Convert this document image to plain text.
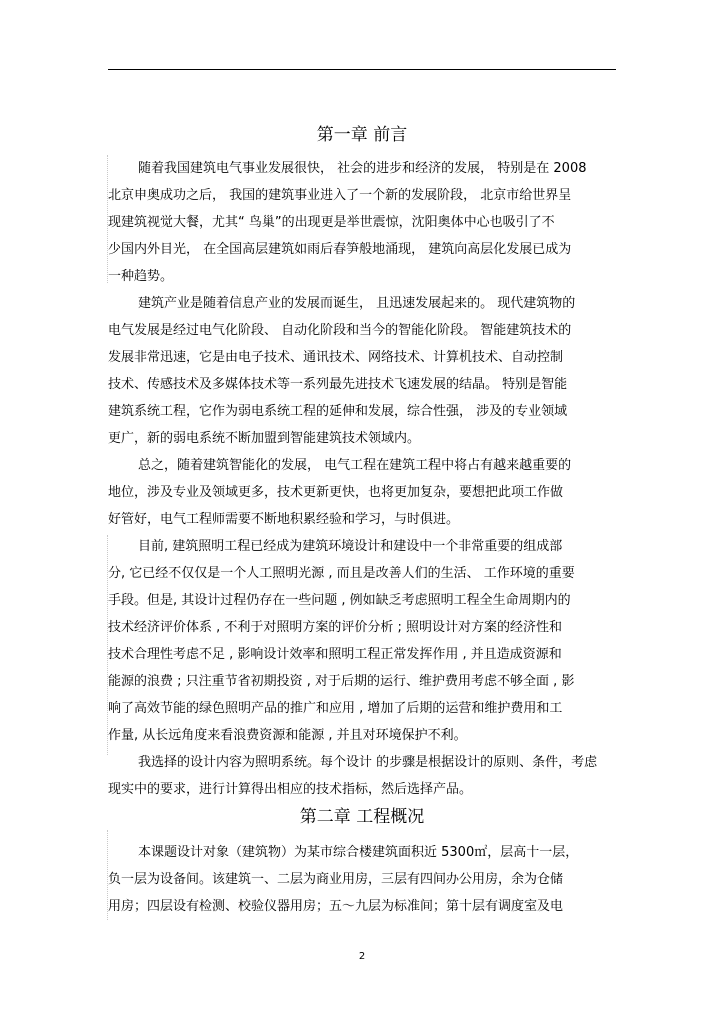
第一章 前言
随着我国建筑电气事业发展很快， 社会的进步和经济的发展， 特别是在 2008
北京申奥成功之后， 我国的建筑事业进入了一个新的发展阶段， 北京市给世界呈
现建筑视觉大餐，尤其“ 鸟巢”的出现更是举世震惊，沈阳奥体中心也吸引了不
少国内外目光， 在全国高层建筑如雨后春笋般地涌现， 建筑向高层化发展已成为
一种趋势。
建筑产业是随着信息产业的发展而诞生， 且迅速发展起来的。 现代建筑物的
电气发展是经过电气化阶段、 自动化阶段和当今的智能化阶段。 智能建筑技术的
发展非常迅速，它是由电子技术、通讯技术、网络技术、计算机技术、自动控制
技术、传感技术及多媒体技术等一系列最先进技术飞速发展的结晶。 特别是智能
建筑系统工程，它作为弱电系统工程的延伸和发展，综合性强， 涉及的专业领域
更广，新的弱电系统不断加盟到智能建筑技术领域内。
总之，随着建筑智能化的发展， 电气工程在建筑工程中将占有越来越重要的
地位，涉及专业及领域更多，技术更新更快，也将更加复杂，要想把此项工作做
好管好，电气工程师需要不断地积累经验和学习，与时俱进。
目前, 建筑照明工程已经成为建筑环境设计和建设中一个非常重要的组成部
分, 它已经不仅仅是一个人工照明光源 , 而且是改善人们的生活、 工作环境的重要
手段。但是, 其设计过程仍存在一些问题 , 例如缺乏考虑照明工程全生命周期内的
技术经济评价体系 , 不利于对照明方案的评价分析 ; 照明设计对方案的经济性和
技术合理性考虑不足 , 影响设计效率和照明工程正常发挥作用 , 并且造成资源和
能源的浪费 ; 只注重节省初期投资 , 对于后期的运行、维护费用考虑不够全面 , 影
响了高效节能的绿色照明产品的推广和应用 , 增加了后期的运营和维护费用和工
作量, 从长远角度来看浪费资源和能源 , 并且对环境保护不利。
我选择的设计内容为照明系统。每个设计 的步骤是根据设计的原则、条件，考虑
现实中的要求，进行计算得出相应的技术指标，然后选择产品。
第二章 工程概况
本课题设计对象（建筑物）为某市综合楼建筑面积近 5300㎡，层高十一层，
负一层为设备间。该建筑一、二层为商业用房，三层有四间办公用房，余为仓储
用房；四层设有检测、校验仪器用房；五～九层为标准间；第十层有调度室及电
2
